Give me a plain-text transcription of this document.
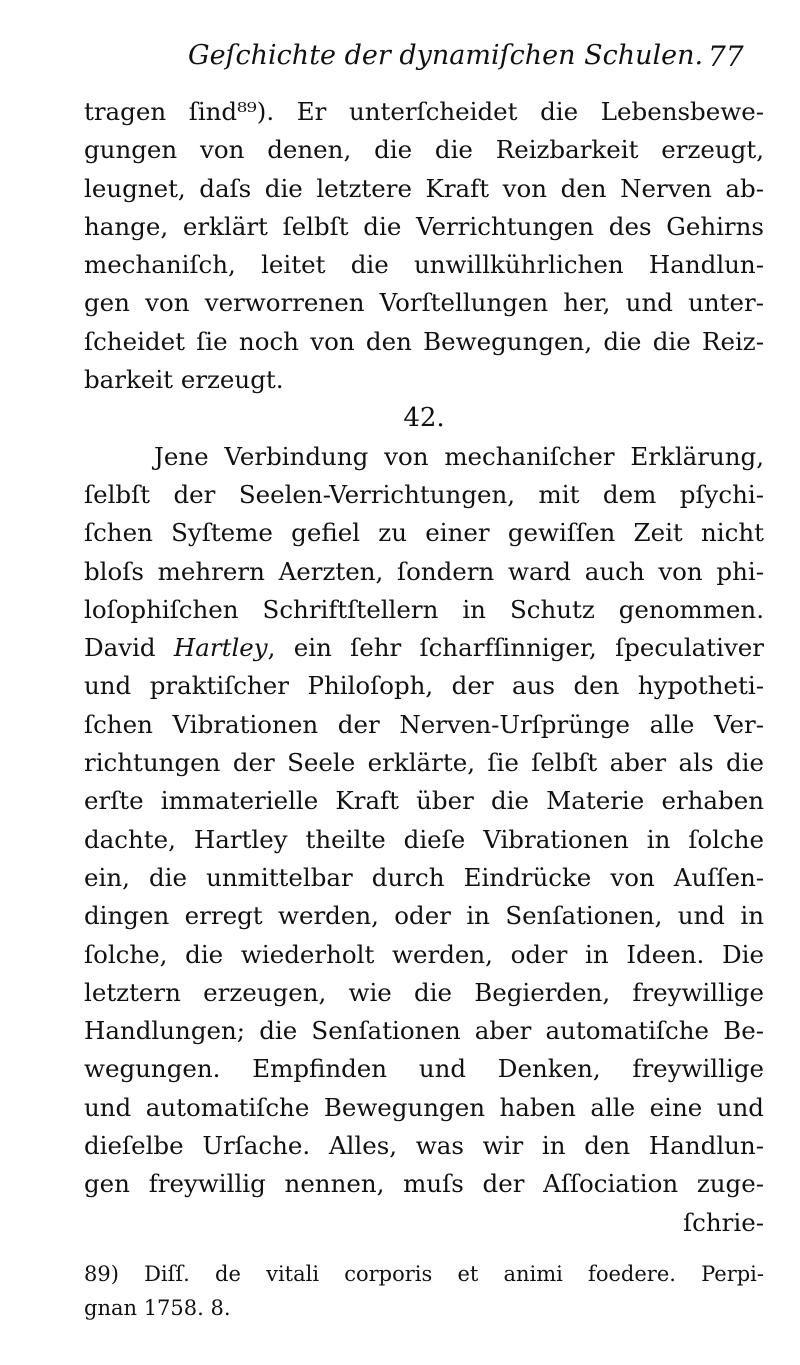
Geſchichte der dynamiſchen Schulen. 77
tragen ſind⁸⁹). Er unterſcheidet die Lebensbewe-
gungen von denen, die die Reizbarkeit erzeugt,
leugnet, daſs die letztere Kraft von den Nerven ab-
hange, erklärt ſelbſt die Verrichtungen des Gehirns
mechaniſch, leitet die unwillkührlichen Handlun-
gen von verworrenen Vorſtellungen her, und unter-
ſcheidet ſie noch von den Bewegungen, die die Reiz-
barkeit erzeugt.
42.
Jene Verbindung von mechaniſcher Erklärung,
ſelbſt der Seelen-Verrichtungen, mit dem pſychi-
ſchen Syſteme gefiel zu einer gewiſſen Zeit nicht
bloſs mehrern Aerzten, ſondern ward auch von phi-
loſophiſchen Schriftſtellern in Schutz genommen.
David Hartley, ein ſehr ſcharfſinniger, ſpeculativer
und praktiſcher Philoſoph, der aus den hypotheti-
ſchen Vibrationen der Nerven-Urſprünge alle Ver-
richtungen der Seele erklärte, ſie ſelbſt aber als die
erſte immaterielle Kraft über die Materie erhaben
dachte, Hartley theilte dieſe Vibrationen in ſolche
ein, die unmittelbar durch Eindrücke von Auſſen-
dingen erregt werden, oder in Senſationen, und in
ſolche, die wiederholt werden, oder in Ideen. Die
letztern erzeugen, wie die Begierden, freywillige
Handlungen; die Senſationen aber automatiſche Be-
wegungen. Empfinden und Denken, freywillige
und automatiſche Bewegungen haben alle eine und
dieſelbe Urſache. Alles, was wir in den Handlun-
gen freywillig nennen, muſs der Aſſociation zuge-
ſchrie-
89) Diſſ. de vitali corporis et animi foedere. Perpi-
gnan 1758. 8.
